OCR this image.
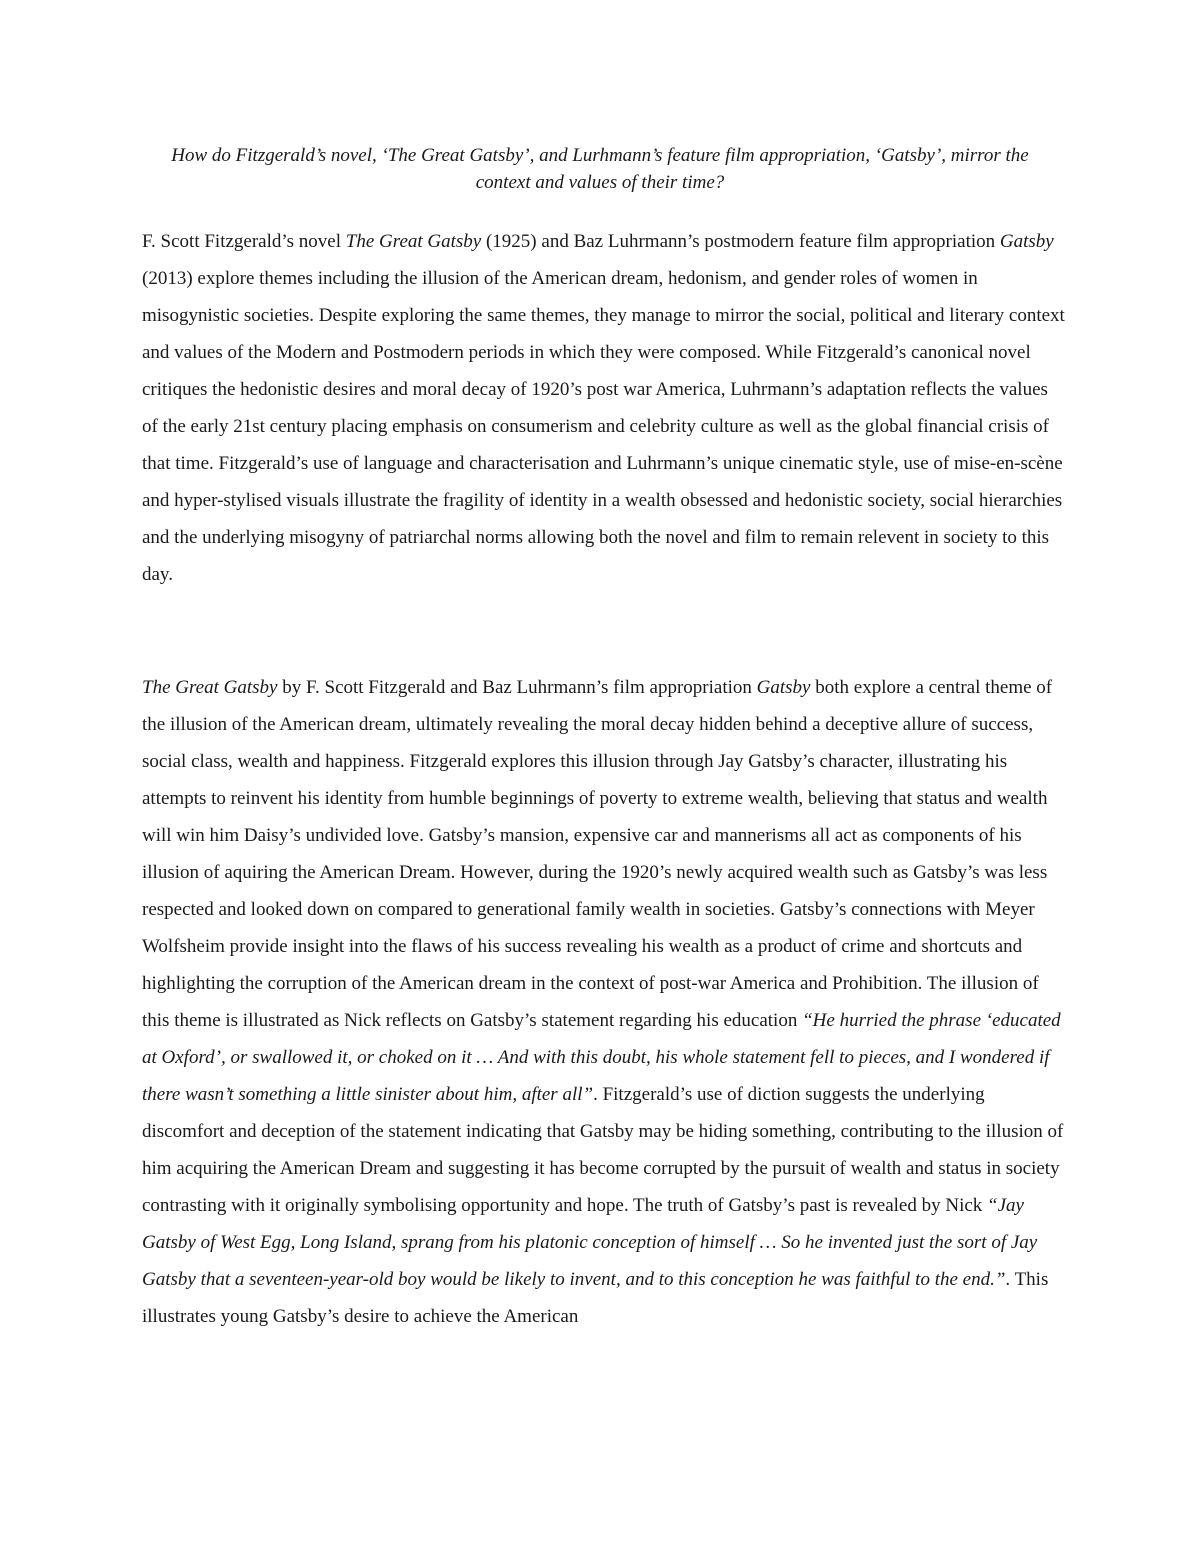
How do Fitzgerald’s novel, ‘The Great Gatsby’, and Lurhmann’s feature film appropriation, ‘Gatsby’, mirror the context and values of their time?
F. Scott Fitzgerald’s novel The Great Gatsby (1925) and Baz Luhrmann’s postmodern feature film appropriation Gatsby (2013) explore themes including the illusion of the American dream, hedonism, and gender roles of women in misogynistic societies. Despite exploring the same themes, they manage to mirror the social, political and literary context and values of the Modern and Postmodern periods in which they were composed. While Fitzgerald’s canonical novel critiques the hedonistic desires and moral decay of 1920’s post war America, Luhrmann’s adaptation reflects the values of the early 21st century placing emphasis on consumerism and celebrity culture as well as the global financial crisis of that time. Fitzgerald’s use of language and characterisation and Luhrmann’s unique cinematic style, use of mise-en-scène and hyper-stylised visuals illustrate the fragility of identity in a wealth obsessed and hedonistic society, social hierarchies and the underlying misogyny of patriarchal norms allowing both the novel and film to remain relevent in society to this day.
The Great Gatsby by F. Scott Fitzgerald and Baz Luhrmann’s film appropriation Gatsby both explore a central theme of the illusion of the American dream, ultimately revealing the moral decay hidden behind a deceptive allure of success, social class, wealth and happiness. Fitzgerald explores this illusion through Jay Gatsby’s character, illustrating his attempts to reinvent his identity from humble beginnings of poverty to extreme wealth, believing that status and wealth will win him Daisy’s undivided love. Gatsby’s mansion, expensive car and mannerisms all act as components of his illusion of aquiring the American Dream. However, during the 1920’s newly acquired wealth such as Gatsby’s was less respected and looked down on compared to generational family wealth in societies. Gatsby’s connections with Meyer Wolfsheim provide insight into the flaws of his success revealing his wealth as a product of crime and shortcuts and highlighting the corruption of the American dream in the context of post-war America and Prohibition. The illusion of this theme is illustrated as Nick reflects on Gatsby’s statement regarding his education “He hurried the phrase ‘educated at Oxford’, or swallowed it, or choked on it … And with this doubt, his whole statement fell to pieces, and I wondered if there wasn’t something a little sinister about him, after all”. Fitzgerald’s use of diction suggests the underlying discomfort and deception of the statement indicating that Gatsby may be hiding something, contributing to the illusion of him acquiring the American Dream and suggesting it has become corrupted by the pursuit of wealth and status in society contrasting with it originally symbolising opportunity and hope. The truth of Gatsby’s past is revealed by Nick “Jay Gatsby of West Egg, Long Island, sprang from his platonic conception of himself … So he invented just the sort of Jay Gatsby that a seventeen-year-old boy would be likely to invent, and to this conception he was faithful to the end.”. This illustrates young Gatsby’s desire to achieve the American
